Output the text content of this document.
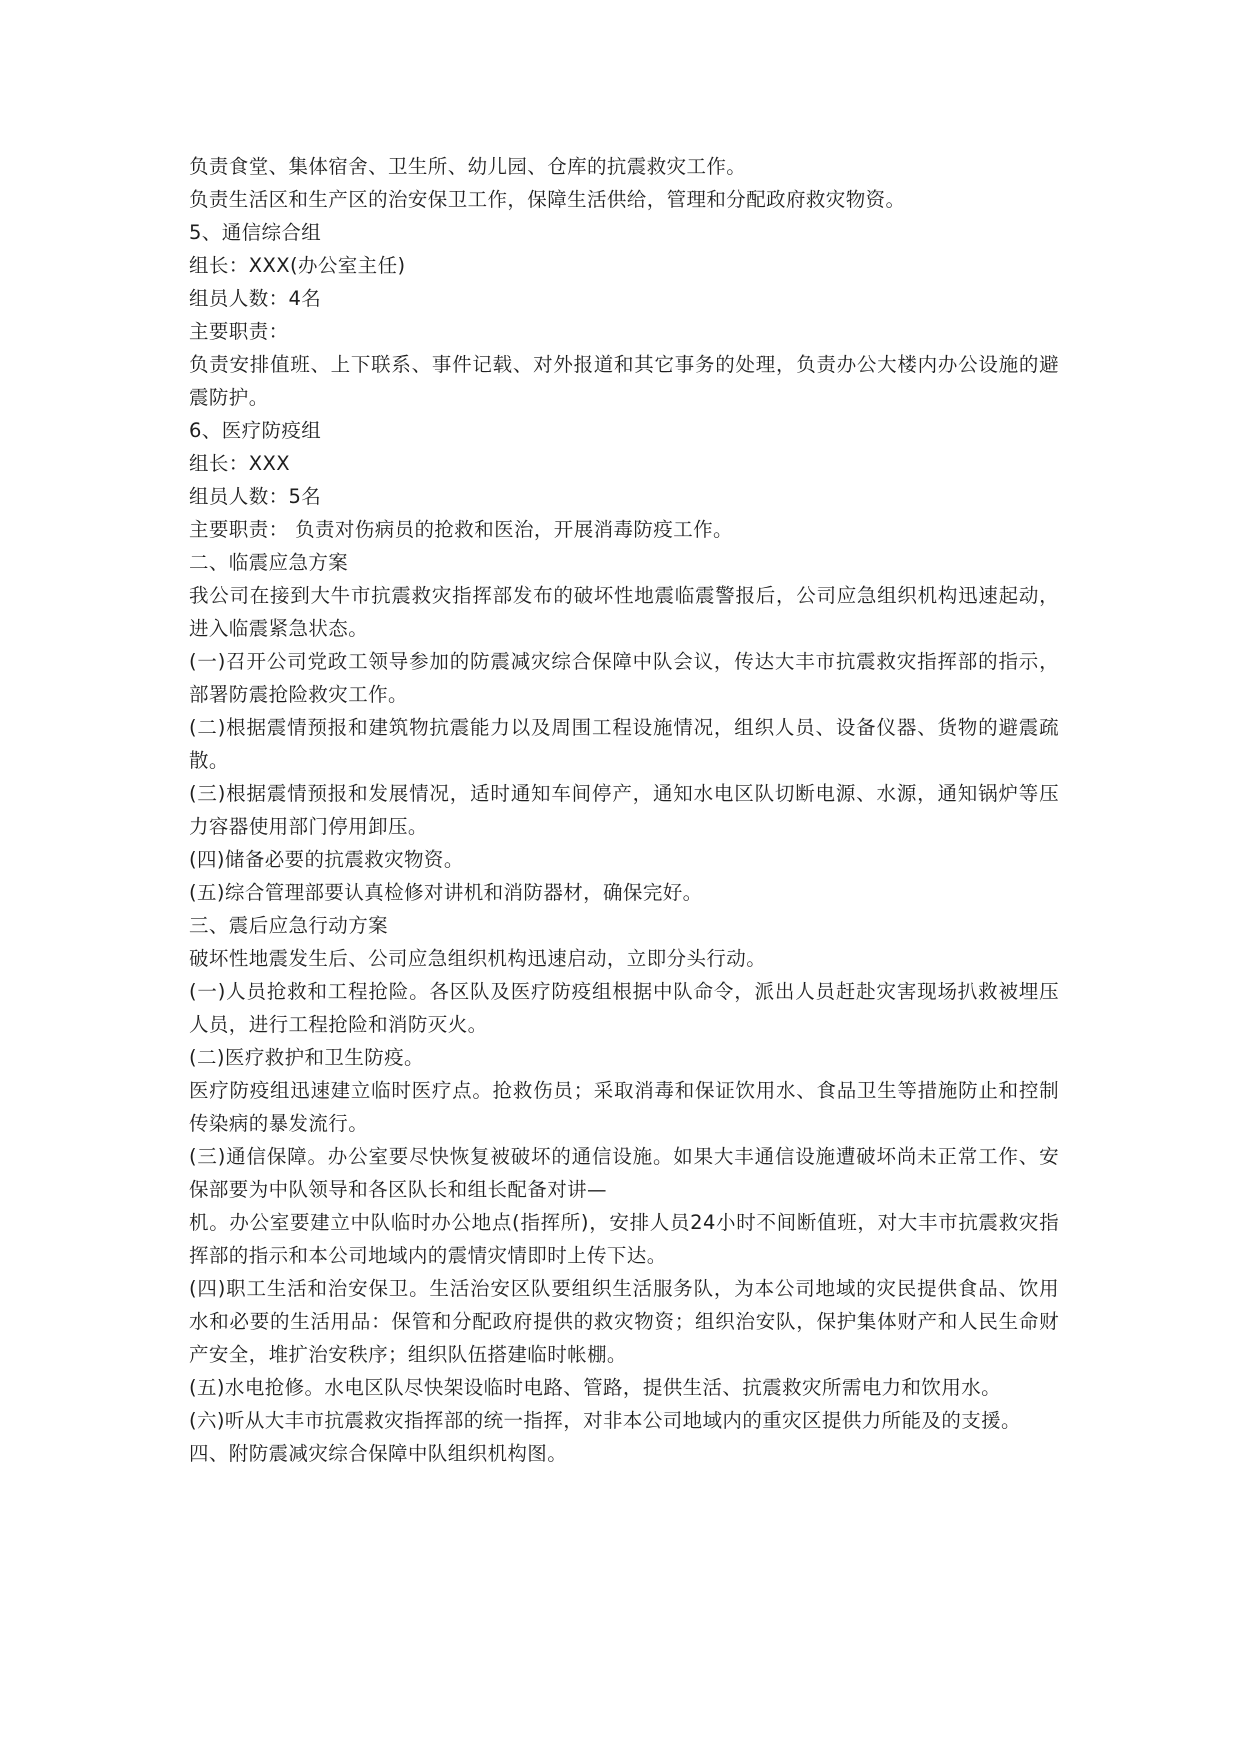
负责食堂、集体宿舍、卫生所、幼儿园、仓库的抗震救灾工作。

负责生活区和生产区的治安保卫工作，保障生活供给，管理和分配政府救灾物资。

5、通信综合组

组长：XXX(办公室主任)

组员人数：4名

主要职责：

负责安排值班、上下联系、事件记载、对外报道和其它事务的处理，负责办公大楼内办公设施的避震防护。

6、医疗防疫组

组长：XXX

组员人数：5名

主要职责： 负责对伤病员的抢救和医治，开展消毒防疫工作。

二、临震应急方案

我公司在接到大牛市抗震救灾指挥部发布的破坏性地震临震警报后，公司应急组织机构迅速起动，进入临震紧急状态。

(一)召开公司党政工领导参加的防震减灾综合保障中队会议，传达大丰市抗震救灾指挥部的指示，部署防震抢险救灾工作。

(二)根据震情预报和建筑物抗震能力以及周围工程设施情况，组织人员、设备仪器、货物的避震疏散。

(三)根据震情预报和发展情况，适时通知车间停产，通知水电区队切断电源、水源，通知锅炉等压力容器使用部门停用卸压。

(四)储备必要的抗震救灾物资。

(五)综合管理部要认真检修对讲机和消防器材，确保完好。

三、震后应急行动方案

破坏性地震发生后、公司应急组织机构迅速启动，立即分头行动。

(一)人员抢救和工程抢险。各区队及医疗防疫组根据中队命令，派出人员赶赴灾害现场扒救被埋压人员，进行工程抢险和消防灭火。

(二)医疗救护和卫生防疫。

医疗防疫组迅速建立临时医疗点。抢救伤员；采取消毒和保证饮用水、食品卫生等措施防止和控制传染病的暴发流行。

(三)通信保障。办公室要尽快恢复被破坏的通信设施。如果大丰通信设施遭破坏尚未正常工作、安保部要为中队领导和各区队长和组长配备对讲—

机。办公室要建立中队临时办公地点(指挥所)，安排人员24小时不间断值班，对大丰市抗震救灾指挥部的指示和本公司地域内的震情灾情即时上传下达。

(四)职工生活和治安保卫。生活治安区队要组织生活服务队，为本公司地域的灾民提供食品、饮用水和必要的生活用品：保管和分配政府提供的救灾物资；组织治安队，保护集体财产和人民生命财产安全，堆扩治安秩序；组织队伍搭建临时帐棚。

(五)水电抢修。水电区队尽快架设临时电路、管路，提供生活、抗震救灾所需电力和饮用水。

(六)听从大丰市抗震救灾指挥部的统一指挥，对非本公司地域内的重灾区提供力所能及的支援。

四、附防震减灾综合保障中队组织机构图。
